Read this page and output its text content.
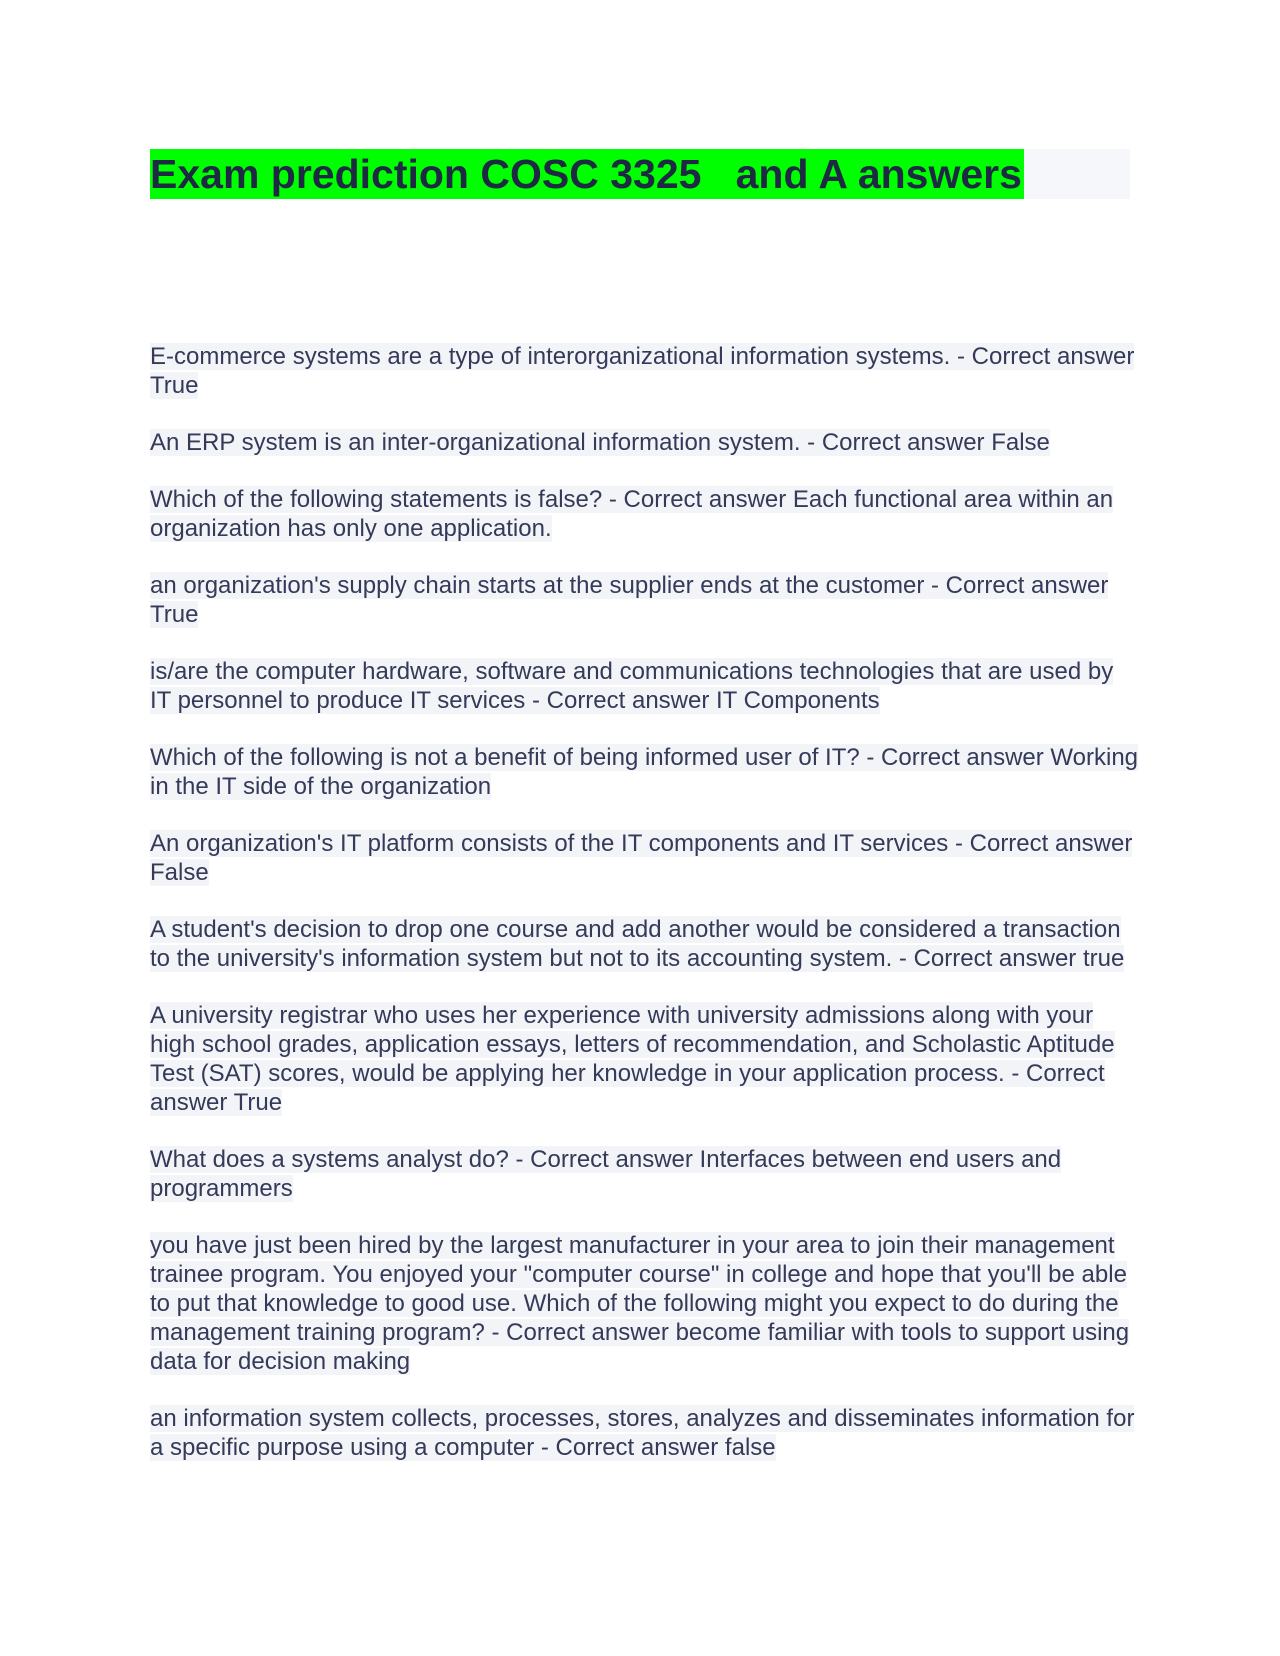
Exam prediction COSC 3325   and A answers

E-commerce systems are a type of interorganizational information systems. - Correct answer True

An ERP system is an inter-organizational information system. - Correct answer False

Which of the following statements is false? - Correct answer Each functional area within an organization has only one application.

an organization's supply chain starts at the supplier ends at the customer - Correct answer True

is/are the computer hardware, software and communications technologies that are used by IT personnel to produce IT services - Correct answer IT Components

Which of the following is not a benefit of being informed user of IT? - Correct answer Working in the IT side of the organization

An organization's IT platform consists of the IT components and IT services - Correct answer False

A student's decision to drop one course and add another would be considered a transaction to the university's information system but not to its accounting system. - Correct answer true

A university registrar who uses her experience with university admissions along with your high school grades, application essays, letters of recommendation, and Scholastic Aptitude Test (SAT) scores, would be applying her knowledge in your application process. - Correct answer True

What does a systems analyst do? - Correct answer Interfaces between end users and programmers

you have just been hired by the largest manufacturer in your area to join their management trainee program. You enjoyed your "computer course" in college and hope that you'll be able to put that knowledge to good use. Which of the following might you expect to do during the management training program? - Correct answer become familiar with tools to support using data for decision making

an information system collects, processes, stores, analyzes and disseminates information for a specific purpose using a computer - Correct answer false
